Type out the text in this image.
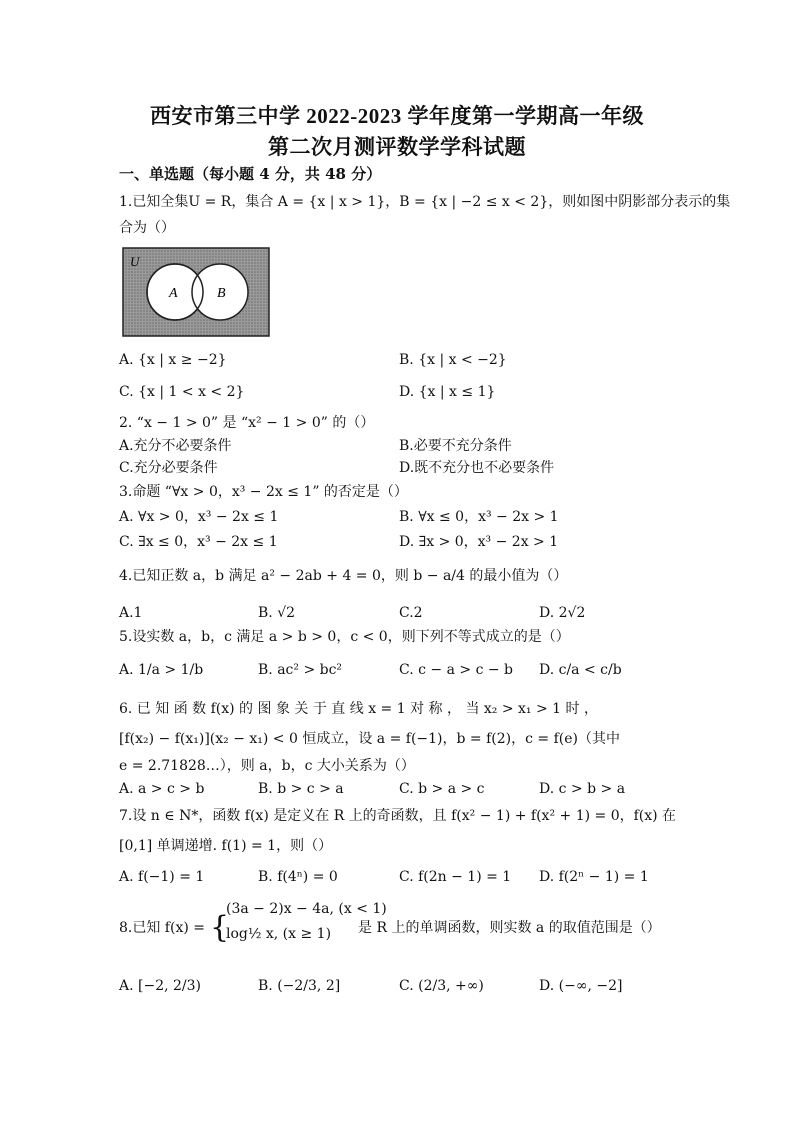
西安市第三中学 2022-2023 学年度第一学期高一年级
第二次月测评数学学科试题
一、单选题（每小题 4 分，共 48 分）
1.已知全集U = R，集合 A = {x | x > 1}，B = {x | −2 ≤ x < 2}，则如图中阴影部分表示的集
合为（）
U
A	B
A. {x | x ≥ −2}	B. {x | x < −2}
C. {x | 1 < x < 2}	D. {x | x ≤ 1}
2. “x − 1 > 0” 是 “x² − 1 > 0” 的（）
A.充分不必要条件	B.必要不充分条件
C.充分必要条件	D.既不充分也不必要条件
3.命题 “∀x > 0，x³ − 2x ≤ 1” 的否定是（）
A. ∀x > 0，x³ − 2x ≤ 1	B. ∀x ≤ 0，x³ − 2x > 1
C. ∃x ≤ 0，x³ − 2x ≤ 1	D. ∃x > 0，x³ − 2x > 1
4.已知正数 a，b 满足 a² − 2ab + 4 = 0，则 b − a/4 的最小值为（）
A.1	B. √2	C.2	D. 2√2
5.设实数 a，b，c 满足 a > b > 0，c < 0，则下列不等式成立的是（）
A. 1/a > 1/b	B. ac² > bc²	C. c − a > c − b D. c/a < c/b
6. 已 知 函 数 f(x) 的 图 象 关 于 直 线 x = 1 对 称 ， 当 x₂ > x₁ > 1 时 ，
[f(x₂) − f(x₁)](x₂ − x₁) < 0 恒成立，设 a = f(−1)，b = f(2)，c = f(e)（其中
e = 2.71828…），则 a，b，c 大小关系为（）
A. a > c > b	B. b > c > a	C. b > a > c	D. c > b > a
7.设 n ∈ N*，函数 f(x) 是定义在 R 上的奇函数，且 f(x² − 1) + f(x² + 1) = 0，f(x) 在
[0,1] 单调递增. f(1) = 1，则（）
A. f(−1) = 1	B. f(4ⁿ) = 0	C. f(2n − 1) = 1 D. f(2ⁿ − 1) = 1
8.已知 f(x) = {
(3a − 2)x − 4a, (x < 1)
log½ x, (x ≥ 1) 是 R 上的单调函数，则实数 a 的取值范围是（）
A. [−2, 2/3)	B. (−2/3, 2]	C. (2/3, +∞)	D. (−∞, −2]
